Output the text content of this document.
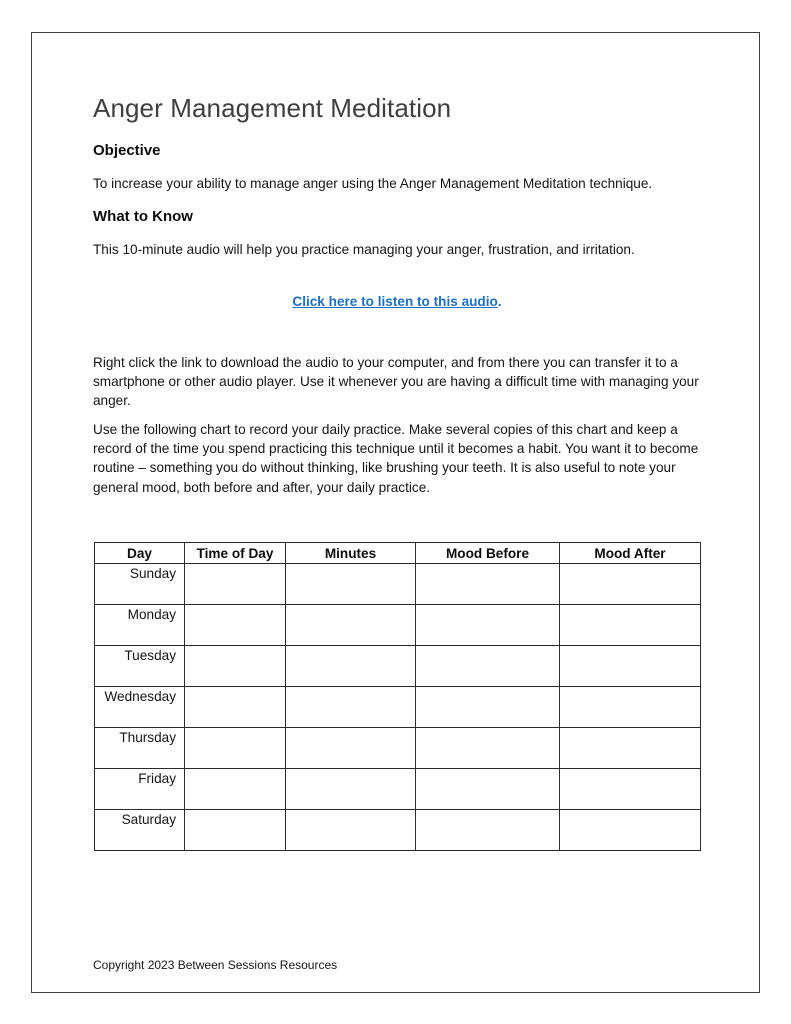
Anger Management Meditation
Objective
To increase your ability to manage anger using the Anger Management Meditation technique.
What to Know
This 10-minute audio will help you practice managing your anger, frustration, and irritation.
Click here to listen to this audio.
Right click the link to download the audio to your computer, and from there you can transfer it to a smartphone or other audio player. Use it whenever you are having a difficult time with managing your anger.
Use the following chart to record your daily practice. Make several copies of this chart and keep a record of the time you spend practicing this technique until it becomes a habit. You want it to become routine – something you do without thinking, like brushing your teeth. It is also useful to note your general mood, both before and after, your daily practice.
Day	Time of Day	Minutes	Mood Before	Mood After
Sunday				
Monday				
Tuesday				
Wednesday				
Thursday				
Friday				
Saturday				
Copyright 2023 Between Sessions Resources
